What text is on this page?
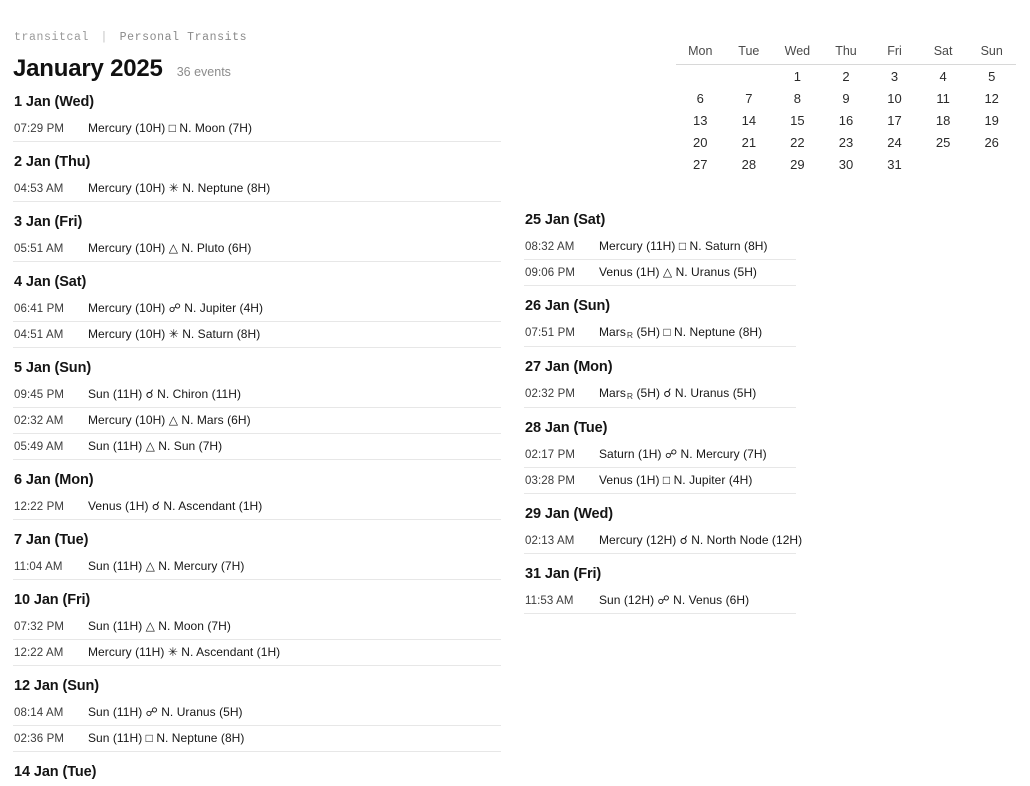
transitcal | Personal Transits
January 2025 36 events
Mon	Tue	Wed	Thu	Fri	Sat	Sun
		1	2	3	4	5
6	7	8	9	10	11	12
13	14	15	16	17	18	19
20	21	22	23	24	25	26
27	28	29	30	31		
1 Jan (Wed)
07:29 PM	Mercury (10H) □ N. Moon (7H)
2 Jan (Thu)
04:53 AM	Mercury (10H) ✳ N. Neptune (8H)
3 Jan (Fri)
05:51 AM	Mercury (10H) △ N. Pluto (6H)
4 Jan (Sat)
06:41 PM	Mercury (10H) ☍ N. Jupiter (4H)
04:51 AM	Mercury (10H) ✳ N. Saturn (8H)
5 Jan (Sun)
09:45 PM	Sun (11H) ☌ N. Chiron (11H)
02:32 AM	Mercury (10H) △ N. Mars (6H)
05:49 AM	Sun (11H) △ N. Sun (7H)
6 Jan (Mon)
12:22 PM	Venus (1H) ☌ N. Ascendant (1H)
7 Jan (Tue)
11:04 AM	Sun (11H) △ N. Mercury (7H)
10 Jan (Fri)
07:32 PM	Sun (11H) △ N. Moon (7H)
12:22 AM	Mercury (11H) ✳ N. Ascendant (1H)
12 Jan (Sun)
08:14 AM	Sun (11H) ☍ N. Uranus (5H)
02:36 PM	Sun (11H) □ N. Neptune (8H)
14 Jan (Tue)
25 Jan (Sat)
08:32 AM	Mercury (11H) □ N. Saturn (8H)
09:06 PM	Venus (1H) △ N. Uranus (5H)
26 Jan (Sun)
07:51 PM	MarsR (5H) □ N. Neptune (8H)
27 Jan (Mon)
02:32 PM	MarsR (5H) ☌ N. Uranus (5H)
28 Jan (Tue)
02:17 PM	Saturn (1H) ☍ N. Mercury (7H)
03:28 PM	Venus (1H) □ N. Jupiter (4H)
29 Jan (Wed)
02:13 AM	Mercury (12H) ☌ N. North Node (12H)
31 Jan (Fri)
11:53 AM	Sun (12H) ☍ N. Venus (6H)
